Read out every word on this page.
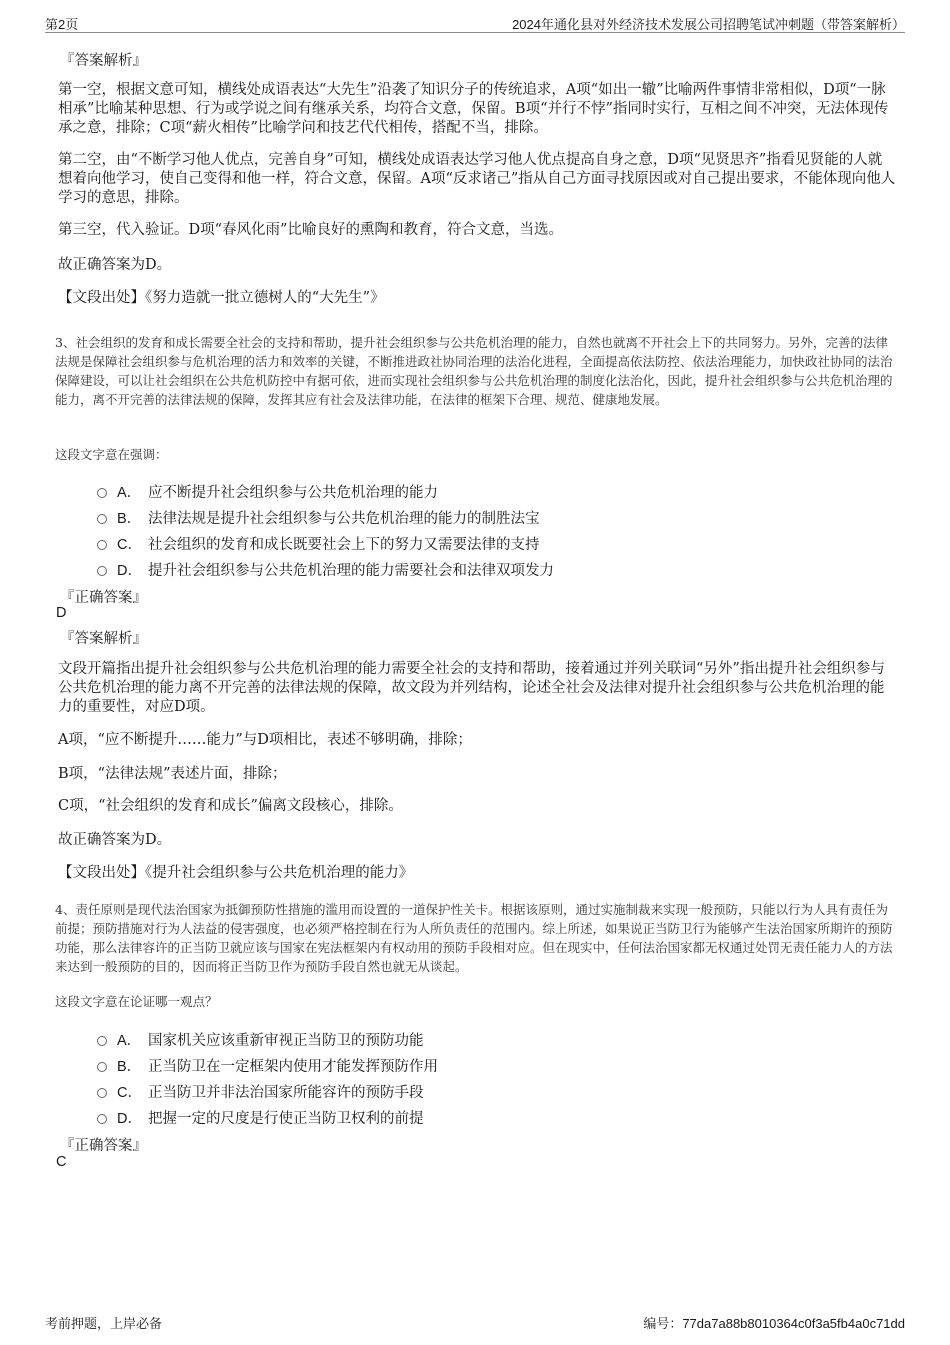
第2页	2024年通化县对外经济技术发展公司招聘笔试冲刺题（带答案解析）
『答案解析』
第一空，根据文意可知，横线处成语表达“大先生”沿袭了知识分子的传统追求，A项“如出一辙”比喻两件事情非常相似，D项“一脉相承”比喻某种思想、行为或学说之间有继承关系，均符合文意，保留。B项“并行不悖”指同时实行，互相之间不冲突，无法体现传承之意，排除；C项“薪火相传”比喻学问和技艺代代相传，搭配不当，排除。
第二空，由“不断学习他人优点，完善自身”可知，横线处成语表达学习他人优点提高自身之意，D项“见贤思齐”指看见贤能的人就想着向他学习，使自己变得和他一样，符合文意，保留。A项“反求诸己”指从自己方面寻找原因或对自己提出要求，不能体现向他人学习的意思，排除。
第三空，代入验证。D项“春风化雨”比喻良好的熏陶和教育，符合文意，当选。
故正确答案为D。
【文段出处】《努力造就一批立德树人的“大先生”》
3、社会组织的发育和成长需要全社会的支持和帮助，提升社会组织参与公共危机治理的能力，自然也就离不开社会上下的共同努力。另外，完善的法律法规是保障社会组织参与危机治理的活力和效率的关键，不断推进政社协同治理的法治化进程，全面提高依法防控、依法治理能力，加快政社协同的法治保障建设，可以让社会组织在公共危机防控中有据可依，进而实现社会组织参与公共危机治理的制度化法治化，因此，提升社会组织参与公共危机治理的能力，离不开完善的法律法规的保障，发挥其应有社会及法律功能，在法律的框架下合理、规范、健康地发展。
这段文字意在强调：
A． 应不断提升社会组织参与公共危机治理的能力
B． 法律法规是提升社会组织参与公共危机治理的能力的制胜法宝
C． 社会组织的发育和成长既要社会上下的努力又需要法律的支持
D． 提升社会组织参与公共危机治理的能力需要社会和法律双项发力
『正确答案』
D
『答案解析』
文段开篇指出提升社会组织参与公共危机治理的能力需要全社会的支持和帮助，接着通过并列关联词“另外”指出提升社会组织参与公共危机治理的能力离不开完善的法律法规的保障，故文段为并列结构，论述全社会及法律对提升社会组织参与公共危机治理的能力的重要性，对应D项。
A项，“应不断提升……能力”与D项相比，表述不够明确，排除；
B项，“法律法规”表述片面，排除；
C项，“社会组织的发育和成长”偏离文段核心，排除。
故正确答案为D。
【文段出处】《提升社会组织参与公共危机治理的能力》
4、责任原则是现代法治国家为抵御预防性措施的滥用而设置的一道保护性关卡。根据该原则，通过实施制裁来实现一般预防，只能以行为人具有责任为前提；预防措施对行为人法益的侵害强度，也必须严格控制在行为人所负责任的范围内。综上所述，如果说正当防卫行为能够产生法治国家所期许的预防功能，那么法律容许的正当防卫就应该与国家在宪法框架内有权动用的预防手段相对应。但在现实中，任何法治国家都无权通过处罚无责任能力人的方法来达到一般预防的目的，因而将正当防卫作为预防手段自然也就无从谈起。
这段文字意在论证哪一观点？
A． 国家机关应该重新审视正当防卫的预防功能
B． 正当防卫在一定框架内使用才能发挥预防作用
C． 正当防卫并非法治国家所能容许的预防手段
D． 把握一定的尺度是行使正当防卫权利的前提
『正确答案』
C
考前押题，上岸必备	编号：77da7a88b8010364c0f3a5fb4a0c71dd
